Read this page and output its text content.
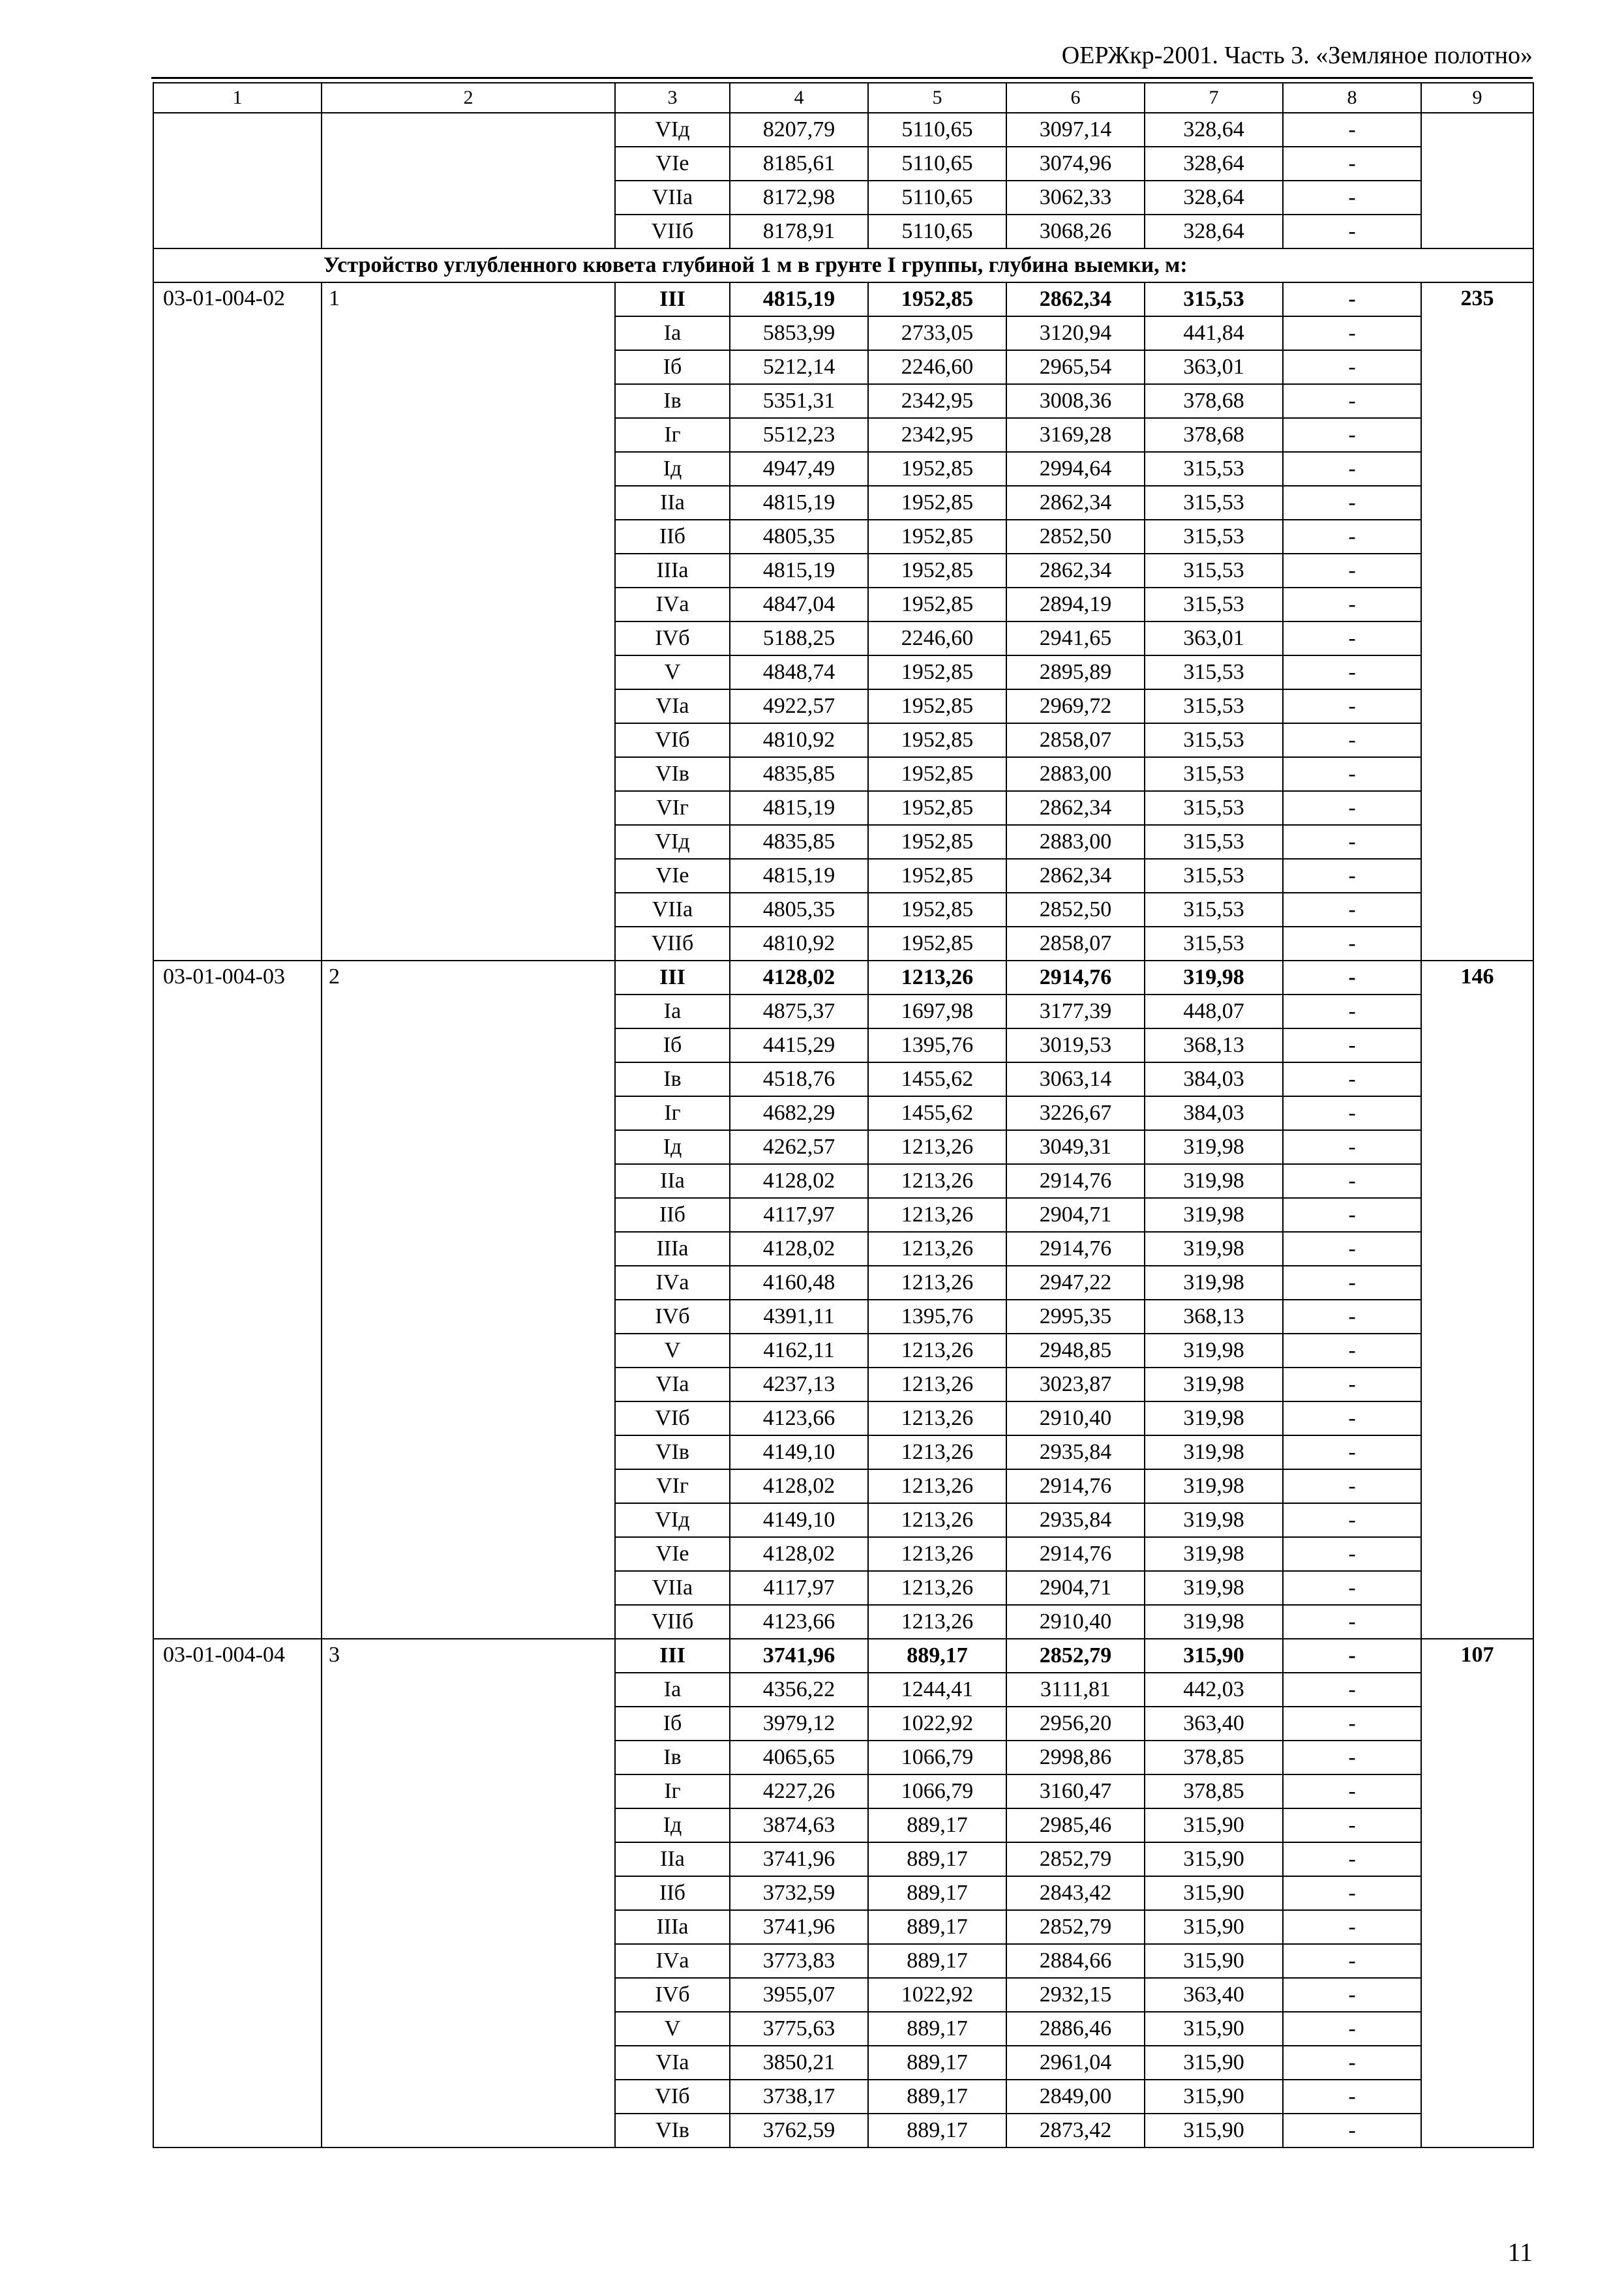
ОЕРЖкр-2001. Часть 3. «Земляное полотно»
1	2	3	4	5	6	7	8	9
		VIд	8207,79	5110,65	3097,14	328,64	-	
		VIе	8185,61	5110,65	3074,96	328,64	-	
		VIIа	8172,98	5110,65	3062,33	328,64	-	
		VIIб	8178,91	5110,65	3068,26	328,64	-	
Устройство углубленного кювета глубиной 1 м в грунте I группы, глубина выемки, м:								
03-01-004-02	1	III	4815,19	1952,85	2862,34	315,53	-	235
		Iа	5853,99	2733,05	3120,94	441,84	-	
		Iб	5212,14	2246,60	2965,54	363,01	-	
		Iв	5351,31	2342,95	3008,36	378,68	-	
		Iг	5512,23	2342,95	3169,28	378,68	-	
		Iд	4947,49	1952,85	2994,64	315,53	-	
		IIа	4815,19	1952,85	2862,34	315,53	-	
		IIб	4805,35	1952,85	2852,50	315,53	-	
		IIIа	4815,19	1952,85	2862,34	315,53	-	
		IVа	4847,04	1952,85	2894,19	315,53	-	
		IVб	5188,25	2246,60	2941,65	363,01	-	
		V	4848,74	1952,85	2895,89	315,53	-	
		VIа	4922,57	1952,85	2969,72	315,53	-	
		VIб	4810,92	1952,85	2858,07	315,53	-	
		VIв	4835,85	1952,85	2883,00	315,53	-	
		VIг	4815,19	1952,85	2862,34	315,53	-	
		VIд	4835,85	1952,85	2883,00	315,53	-	
		VIе	4815,19	1952,85	2862,34	315,53	-	
		VIIа	4805,35	1952,85	2852,50	315,53	-	
		VIIб	4810,92	1952,85	2858,07	315,53	-	
03-01-004-03	2	III	4128,02	1213,26	2914,76	319,98	-	146
		Iа	4875,37	1697,98	3177,39	448,07	-	
		Iб	4415,29	1395,76	3019,53	368,13	-	
		Iв	4518,76	1455,62	3063,14	384,03	-	
		Iг	4682,29	1455,62	3226,67	384,03	-	
		Iд	4262,57	1213,26	3049,31	319,98	-	
		IIа	4128,02	1213,26	2914,76	319,98	-	
		IIб	4117,97	1213,26	2904,71	319,98	-	
		IIIа	4128,02	1213,26	2914,76	319,98	-	
		IVа	4160,48	1213,26	2947,22	319,98	-	
		IVб	4391,11	1395,76	2995,35	368,13	-	
		V	4162,11	1213,26	2948,85	319,98	-	
		VIа	4237,13	1213,26	3023,87	319,98	-	
		VIб	4123,66	1213,26	2910,40	319,98	-	
		VIв	4149,10	1213,26	2935,84	319,98	-	
		VIг	4128,02	1213,26	2914,76	319,98	-	
		VIд	4149,10	1213,26	2935,84	319,98	-	
		VIе	4128,02	1213,26	2914,76	319,98	-	
		VIIа	4117,97	1213,26	2904,71	319,98	-	
		VIIб	4123,66	1213,26	2910,40	319,98	-	
03-01-004-04	3	III	3741,96	889,17	2852,79	315,90	-	107
		Iа	4356,22	1244,41	3111,81	442,03	-	
		Iб	3979,12	1022,92	2956,20	363,40	-	
		Iв	4065,65	1066,79	2998,86	378,85	-	
		Iг	4227,26	1066,79	3160,47	378,85	-	
		Iд	3874,63	889,17	2985,46	315,90	-	
		IIа	3741,96	889,17	2852,79	315,90	-	
		IIб	3732,59	889,17	2843,42	315,90	-	
		IIIа	3741,96	889,17	2852,79	315,90	-	
		IVа	3773,83	889,17	2884,66	315,90	-	
		IVб	3955,07	1022,92	2932,15	363,40	-	
		V	3775,63	889,17	2886,46	315,90	-	
		VIа	3850,21	889,17	2961,04	315,90	-	
		VIб	3738,17	889,17	2849,00	315,90	-	
		VIв	3762,59	889,17	2873,42	315,90	-	
11
